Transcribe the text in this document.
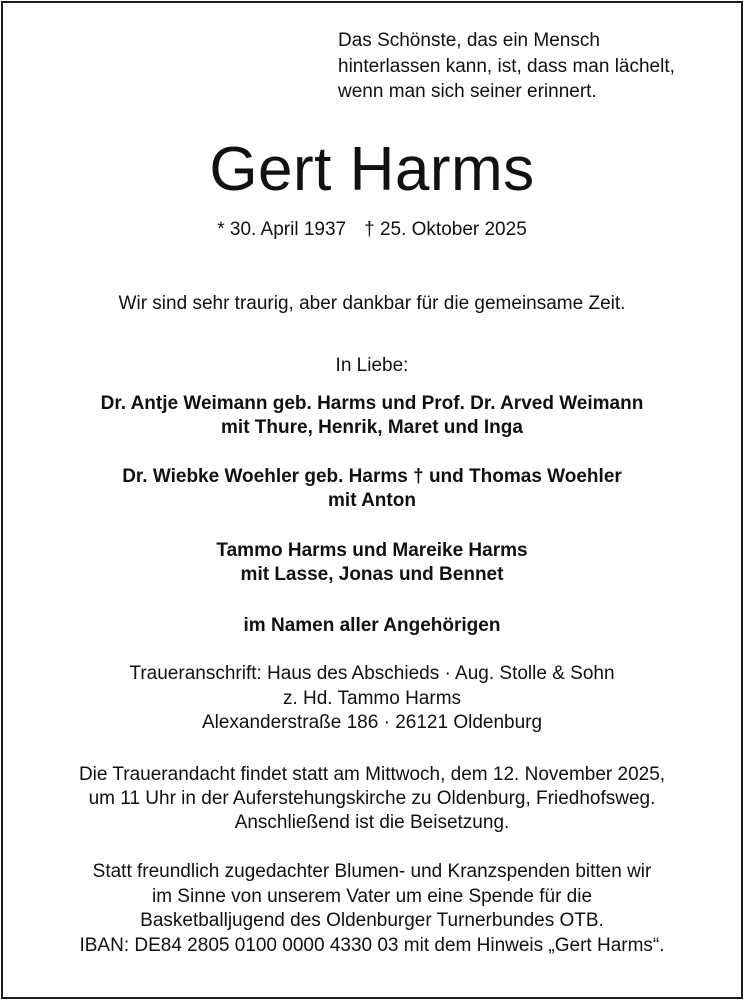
Das Schönste, das ein Mensch
hinterlassen kann, ist, dass man lächelt,
wenn man sich seiner erinnert.
Gert Harms
* 30. April 1937 † 25. Oktober 2025
Wir sind sehr traurig, aber dankbar für die gemeinsame Zeit.
In Liebe:
Dr. Antje Weimann geb. Harms und Prof. Dr. Arved Weimann
mit Thure, Henrik, Maret und Inga
Dr. Wiebke Woehler geb. Harms † und Thomas Woehler
mit Anton
Tammo Harms und Mareike Harms
mit Lasse, Jonas und Bennet
im Namen aller Angehörigen
Traueranschrift: Haus des Abschieds · Aug. Stolle & Sohn
z. Hd. Tammo Harms
Alexanderstraße 186 · 26121 Oldenburg
Die Trauerandacht findet statt am Mittwoch, dem 12. November 2025,
um 11 Uhr in der Auferstehungskirche zu Oldenburg, Friedhofsweg.
Anschließend ist die Beisetzung.
Statt freundlich zugedachter Blumen- und Kranzspenden bitten wir
im Sinne von unserem Vater um eine Spende für die
Basketballjugend des Oldenburger Turnerbundes OTB.
IBAN: DE84 2805 0100 0000 4330 03 mit dem Hinweis „Gert Harms“.
